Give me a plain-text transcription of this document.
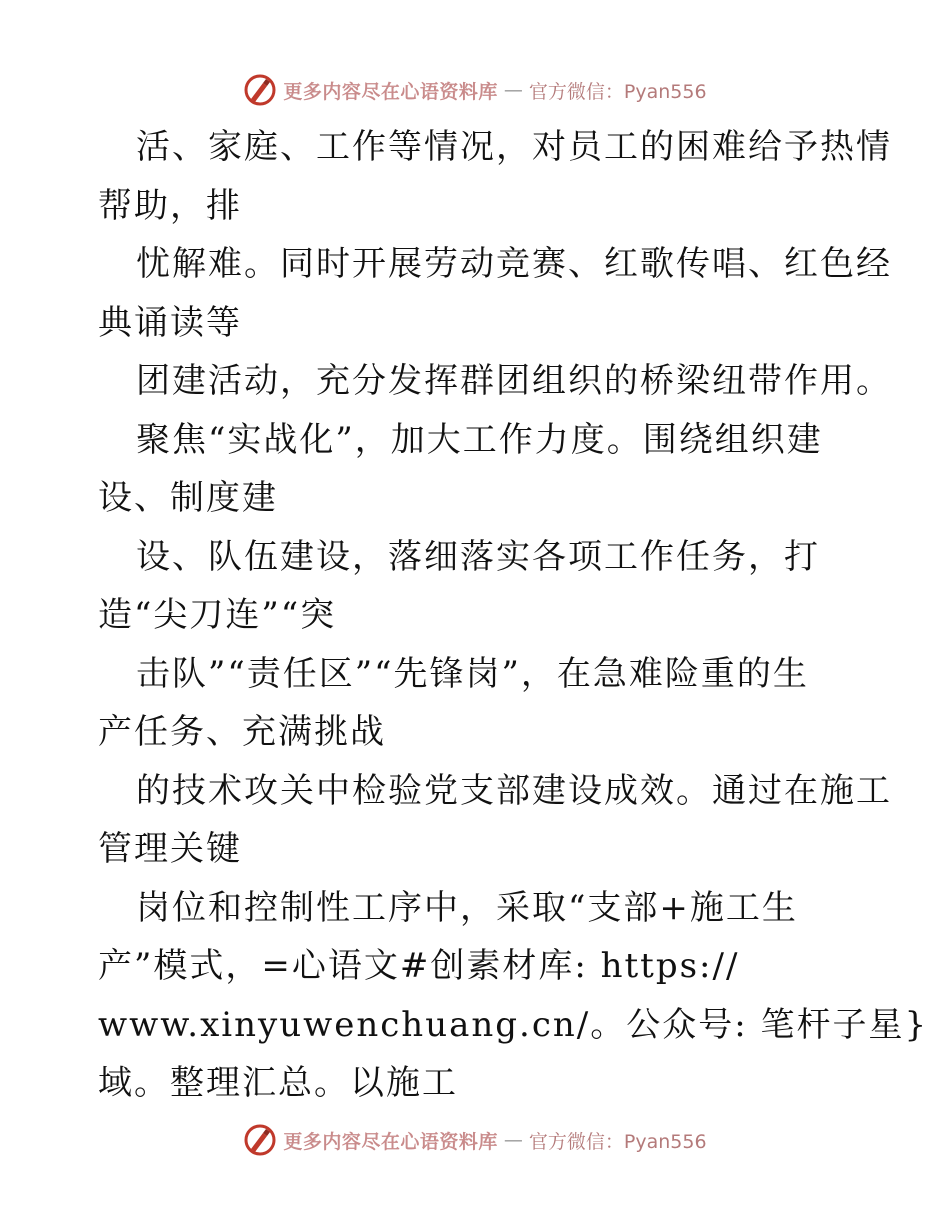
更多内容尽在心语资料库 — 官方微信：Pyan556
活、家庭、工作等情况，对员工的困难给予热情
帮助，排
忧解难。同时开展劳动竞赛、红歌传唱、红色经
典诵读等
团建活动，充分发挥群团组织的桥梁纽带作用。
聚焦“实战化”，加大工作力度。围绕组织建
设、制度建
设、队伍建设，落细落实各项工作任务，打
造“尖刀连”“突
击队”“责任区”“先锋岗”，在急难险重的生
产任务、充满挑战
的技术攻关中检验党支部建设成效。通过在施工
管理关键
岗位和控制性工序中，采取“支部+施工生
产”模式，=心语文#创素材库: https://
www.xinyuwenchuang.cn/。公众号: 笔杆子星}
域。整理汇总。以施工
更多内容尽在心语资料库 — 官方微信：Pyan556
